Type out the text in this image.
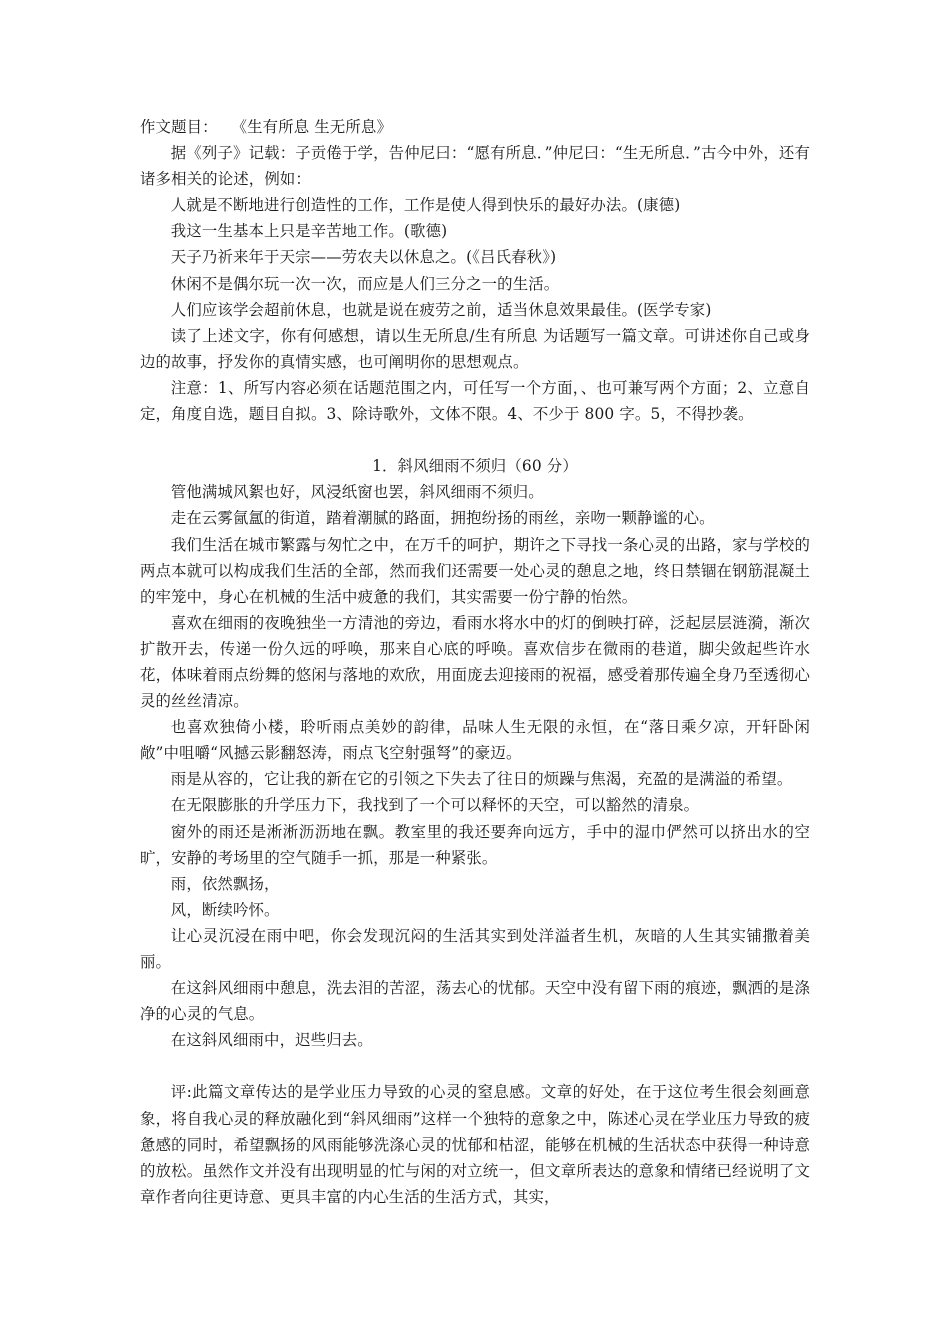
作文题目： 《生有所息 生无所息》

据《列子》记载：子贡倦于学，告仲尼曰：“愿有所息．”仲尼曰：“生无所息．”古今中外，还有诸多相关的论述，例如：

人就是不断地进行创造性的工作，工作是使人得到快乐的最好办法。(康德)

我这一生基本上只是辛苦地工作。(歌德)

天子乃祈来年于天宗——劳农夫以休息之。(《吕氏春秋》)

休闲不是偶尔玩一次一次，而应是人们三分之一的生活。

人们应该学会超前休息，也就是说在疲劳之前，适当休息效果最佳。(医学专家)

读了上述文字，你有何感想，请以生无所息/生有所息 为话题写一篇文章。可讲述你自己或身边的故事，抒发你的真情实感，也可阐明你的思想观点。

注意：1、所写内容必须在话题范围之内，可任写一个方面，、也可兼写两个方面；2、立意自定，角度自选，题目自拟。3、除诗歌外，文体不限。4、不少于 800 字。5，不得抄袭。

1．斜风细雨不须归（60 分）

管他满城风絮也好，风浸纸窗也罢，斜风细雨不须归。

走在云雾氤氲的街道，踏着潮腻的路面，拥抱纷扬的雨丝，亲吻一颗静谧的心。

我们生活在城市繁露与匆忙之中，在万千的呵护，期许之下寻找一条心灵的出路，家与学校的两点本就可以构成我们生活的全部，然而我们还需要一处心灵的憩息之地，终日禁锢在钢筋混凝土的牢笼中，身心在机械的生活中疲惫的我们，其实需要一份宁静的怡然。

喜欢在细雨的夜晚独坐一方清池的旁边，看雨水将水中的灯的倒映打碎，泛起层层涟漪，渐次扩散开去，传递一份久远的呼唤，那来自心底的呼唤。喜欢信步在微雨的巷道，脚尖敛起些许水花，体味着雨点纷舞的悠闲与落地的欢欣，用面庞去迎接雨的祝福，感受着那传遍全身乃至透彻心灵的丝丝清凉。

也喜欢独倚小楼，聆听雨点美妙的韵律，品味人生无限的永恒，在“落日乘夕凉，开轩卧闲敞”中咀嚼“风撼云影翻怒涛，雨点飞空射强弩”的豪迈。

雨是从容的，它让我的新在它的引领之下失去了往日的烦躁与焦渴，充盈的是满溢的希望。

在无限膨胀的升学压力下，我找到了一个可以释怀的天空，可以豁然的清泉。

窗外的雨还是淅淅沥沥地在飘。教室里的我还要奔向远方，手中的湿巾俨然可以挤出水的空旷，安静的考场里的空气随手一抓，那是一种紧张。

雨，依然飘扬，

风，断续吟怀。

让心灵沉浸在雨中吧，你会发现沉闷的生活其实到处洋溢者生机，灰暗的人生其实铺撒着美丽。

在这斜风细雨中憩息，洗去泪的苦涩，荡去心的忧郁。天空中没有留下雨的痕迹，飘洒的是涤净的心灵的气息。

在这斜风细雨中，迟些归去。

评:此篇文章传达的是学业压力导致的心灵的窒息感。文章的好处，在于这位考生很会刻画意象，将自我心灵的释放融化到“斜风细雨”这样一个独特的意象之中，陈述心灵在学业压力导致的疲惫感的同时，希望飘扬的风雨能够洗涤心灵的忧郁和枯涩，能够在机械的生活状态中获得一种诗意的放松。虽然作文并没有出现明显的忙与闲的对立统一，但文章所表达的意象和情绪已经说明了文章作者向往更诗意、更具丰富的内心生活的生活方式，其实，
